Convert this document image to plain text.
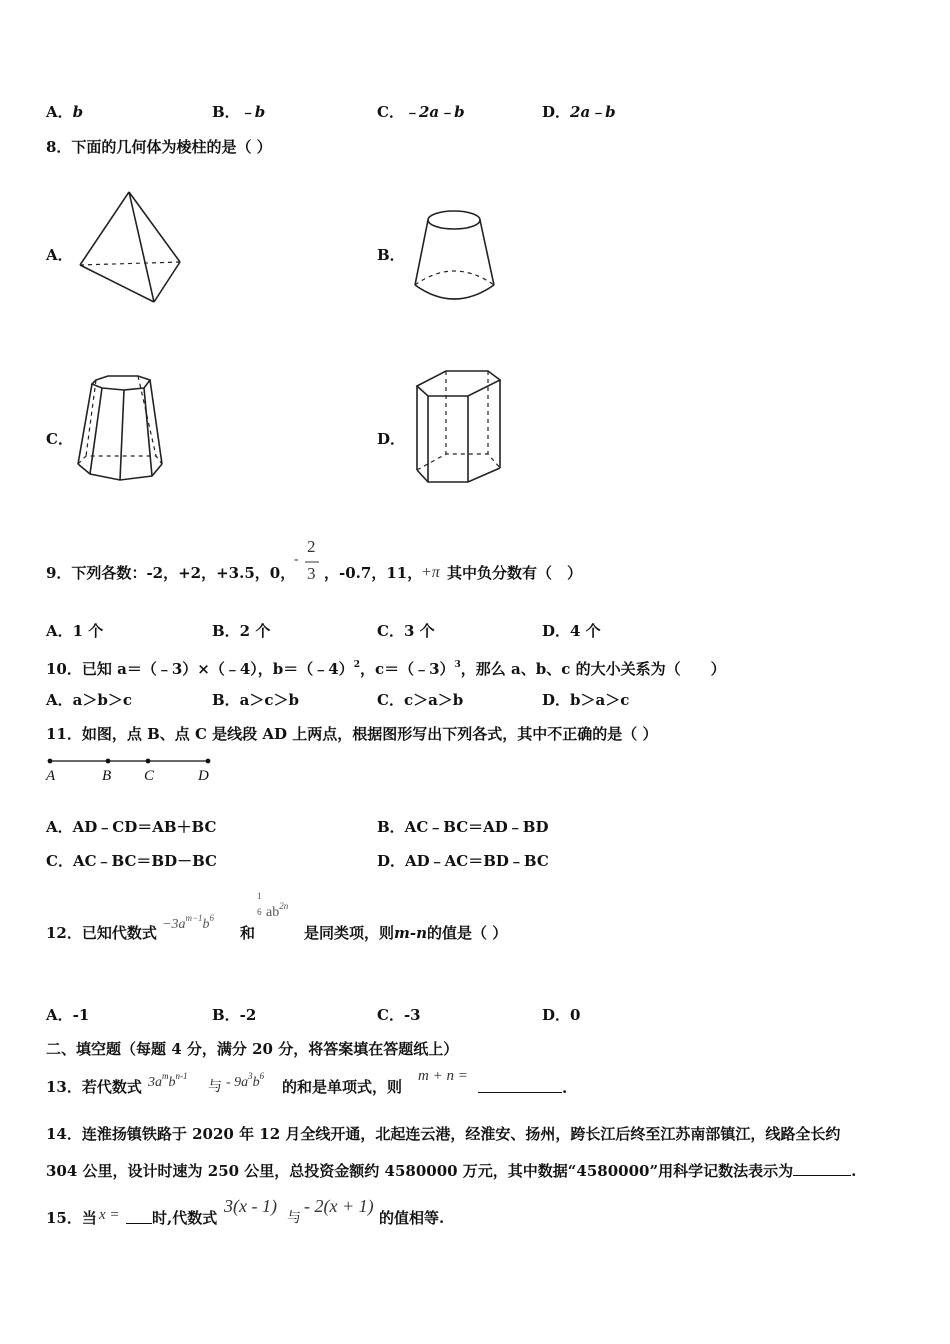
A．b	B．﹣b	C．﹣2a﹣b	D．2a﹣b
8．下面的几何体为棱柱的是（ ）
A．	B．
C．	D．
9．下列各数：-2，+2，+3.5，0，
-
2
3 ，-0.7，11，
+π 其中负分数有（　）
A．1 个	B．2 个	C．3 个	D．4 个
10．已知 a＝（﹣3）×（﹣4），b＝（﹣4）$^2$，c＝（﹣3）$^3$，那么 a、b、c 的大小关系为（　　）
A．a＞b＞c	B．a＞c＞b	C．c＞a＞b	D．b＞a＞c
11．如图，点 B、点 C 是线段 AD 上两点，根据图形写出下列各式，其中不正确的是（ ）
A	B C	D
A．AD﹣CD＝AB＋BC	B．AC﹣BC＝AD﹣BD
C．AC﹣BC＝BD－BC	D．AD﹣AC＝BD﹣BC
12．已知代数式 $-3a^{m-1}b^6$
和
1
6 $ab^{2n}$
是同类项，则m-n的值是（ ）
A．-1	B．-2	C．-3	D．0
二、填空题（每题 4 分，满分 20 分，将答案填在答题纸上）
13．若代数式 $3a^mb^{n-1}$
与 - $9a^3b^6$
的和是单项式，则
m + n =
.
14．连淮扬镇铁路于 2020 年 12 月全线开通，北起连云港，经淮安、扬州，跨长江后终至江苏南部镇江，线路全长约
304 公里，设计时速为 250 公里，总投资金额约 4580000 万元，其中数据“4580000”用科学记数法表示为	.
15．当 x = 时,代数式
3(x - 1)
与
- 2(x + 1)
的值相等.
